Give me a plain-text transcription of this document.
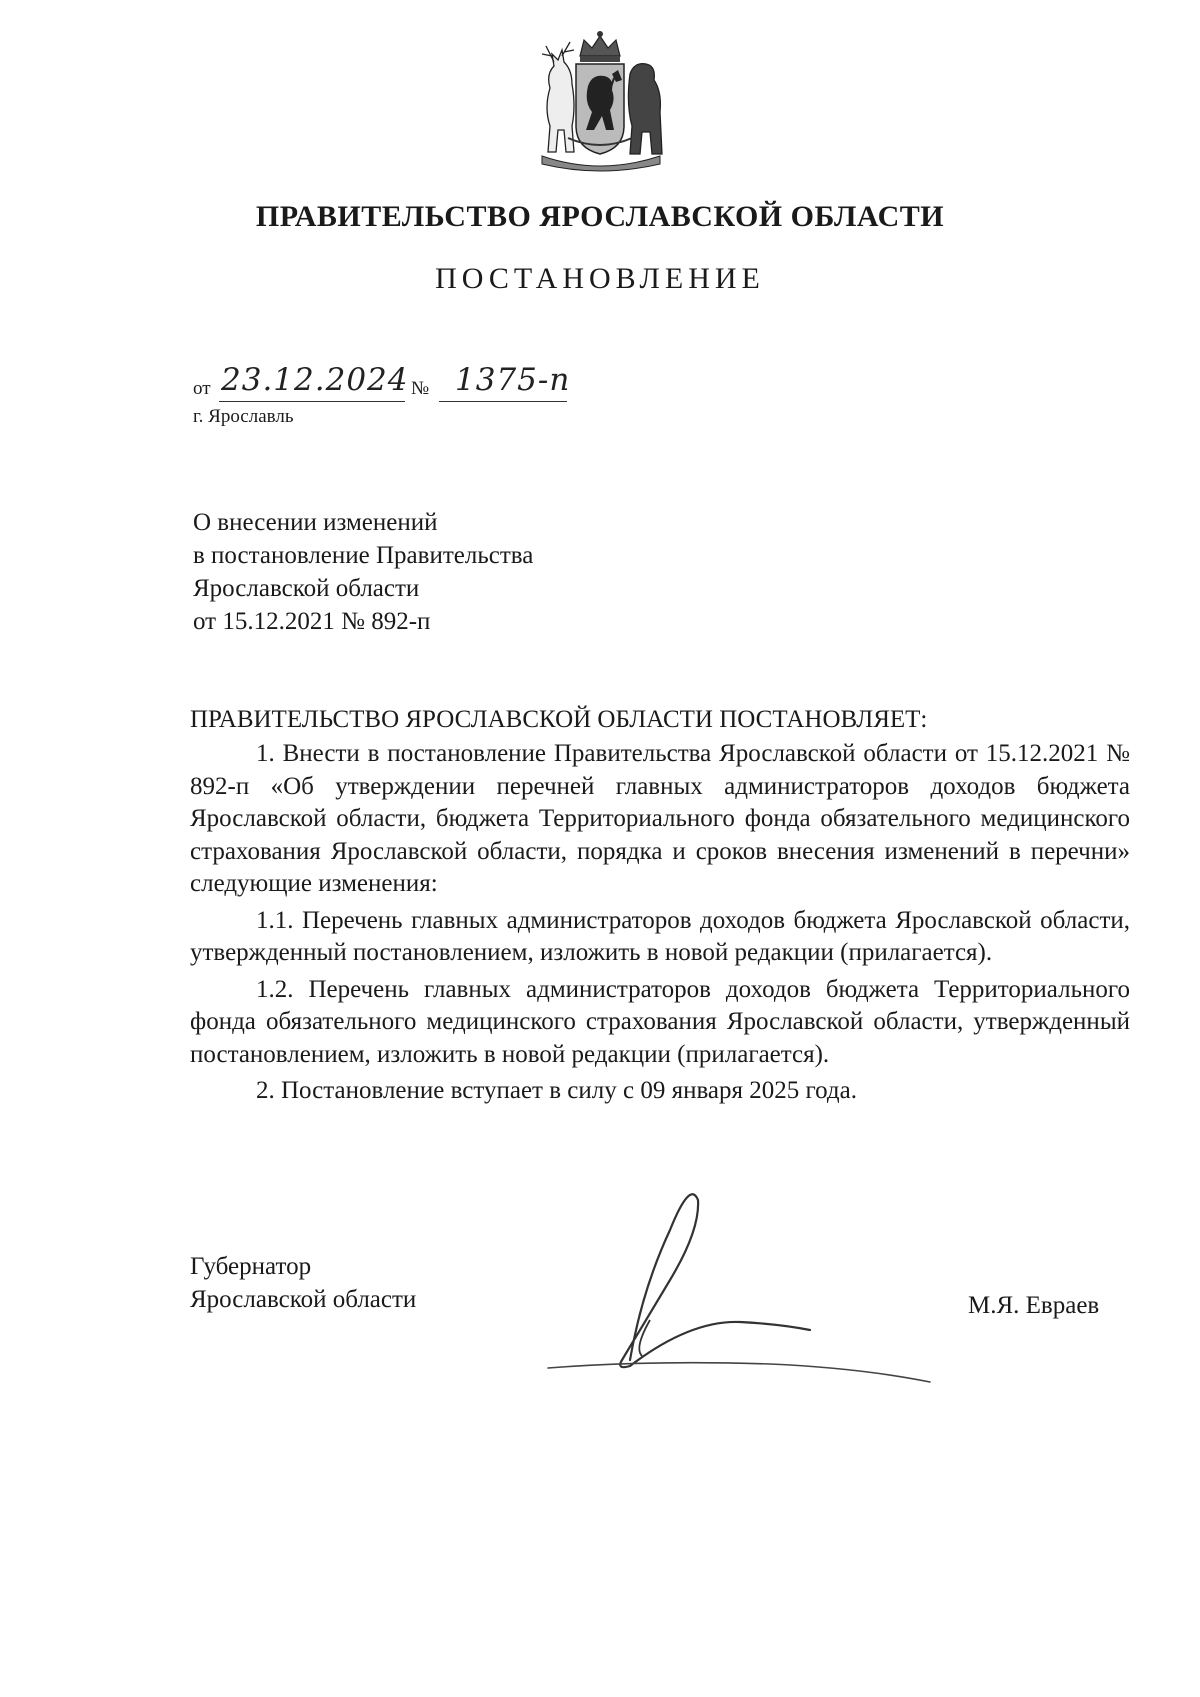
ПРАВИТЕЛЬСТВО ЯРОСЛАВСКОЙ ОБЛАСТИ
ПОСТАНОВЛЕНИЕ
от 23.12.2024 № 1375-п
г. Ярославль
О внесении изменений
в постановление Правительства
Ярославской области
от 15.12.2021 № 892-п
ПРАВИТЕЛЬСТВО ЯРОСЛАВСКОЙ ОБЛАСТИ ПОСТАНОВЛЯЕТ:

1. Внести в постановление Правительства Ярославской области от 15.12.2021 № 892-п «Об утверждении перечней главных администраторов доходов бюджета Ярославской области, бюджета Территориального фонда обязательного медицинского страхования Ярославской области, порядка и сроков внесения изменений в перечни» следующие изменения:

1.1. Перечень главных администраторов доходов бюджета Ярославской области, утвержденный постановлением, изложить в новой редакции (прилагается).

1.2. Перечень главных администраторов доходов бюджета Территориального фонда обязательного медицинского страхования Ярославской области, утвержденный постановлением, изложить в новой редакции (прилагается).

2. Постановление вступает в силу с 09 января 2025 года.

Губернатор
Ярославской области	М.Я. Евраев
